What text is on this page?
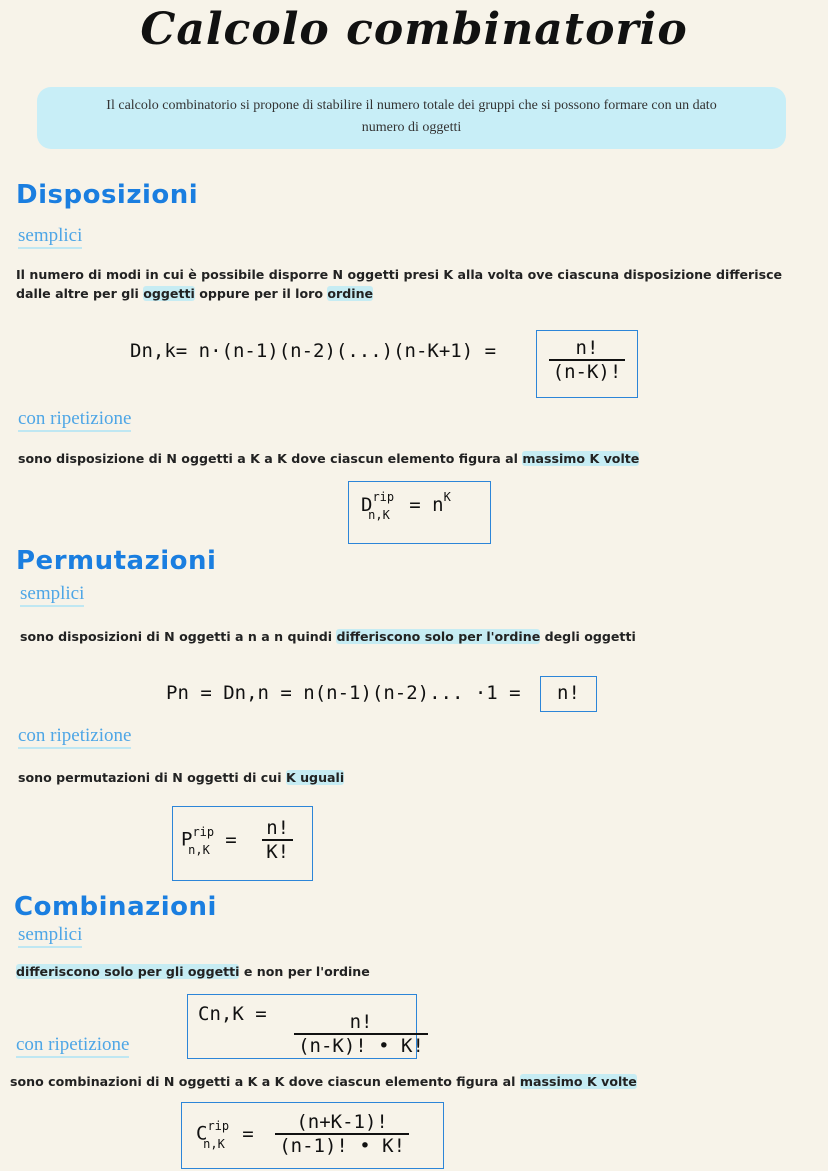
Calcolo combinatorio
Il calcolo combinatorio si propone di stabilire il numero totale dei gruppi che si possono formare con un dato
numero di oggetti
Disposizioni
semplici
Il numero di modi in cui è possibile disporre N oggetti presi K alla volta ove ciascuna disposizione differisce
dalle altre per gli oggetti oppure per il loro ordine
Dn,k= n·(n-1)(n-2)(...)(n-K+1) =	$\frac{n!}{(n-K)!}$
con ripetizione
sono disposizione di N oggetti a K a K dove ciascun elemento figura al massimo K volte
$D^{rip}_{n,K} = n^K$
Permutazioni
semplici
sono disposizioni di N oggetti a n a n quindi differiscono solo per l'ordine degli oggetti
Pn = Dn,n = n(n-1)(n-2)... ·1 =	n!
con ripetizione
sono permutazioni di N oggetti di cui K uguali
$P^{rip}_{n,K} = \frac{n!}{K!}$
Combinazioni
semplici
differiscono solo per gli oggetti e non per l'ordine
$Cn,K = \frac{n!}{(n-K)! • K!}$
con ripetizione
sono combinazioni di N oggetti a K a K dove ciascun elemento figura al massimo K volte
$C^{rip}_{n,K} = \frac{(n+K-1)!}{(n-1)! • K!}$
